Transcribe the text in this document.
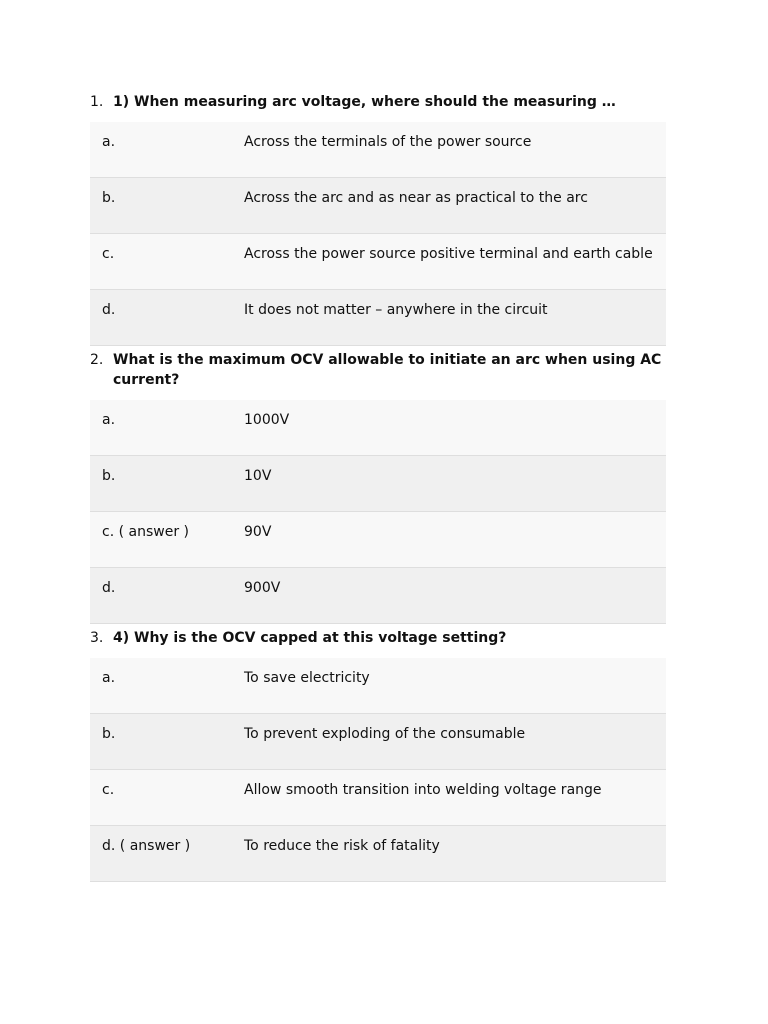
1. 1) When measuring arc voltage, where should the measuring …
a.	Across the terminals of the power source
b.	Across the arc and as near as practical to the arc
c.	Across the power source positive terminal and earth cable
d.	It does not matter – anywhere in the circuit
2. What is the maximum OCV allowable to initiate an arc when using AC current?
a.	1000V
b.	10V
c. ( answer )	90V
d.	900V
3. 4) Why is the OCV capped at this voltage setting?
a.	To save electricity
b.	To prevent exploding of the consumable
c.	Allow smooth transition into welding voltage range
d. ( answer )	To reduce the risk of fatality
